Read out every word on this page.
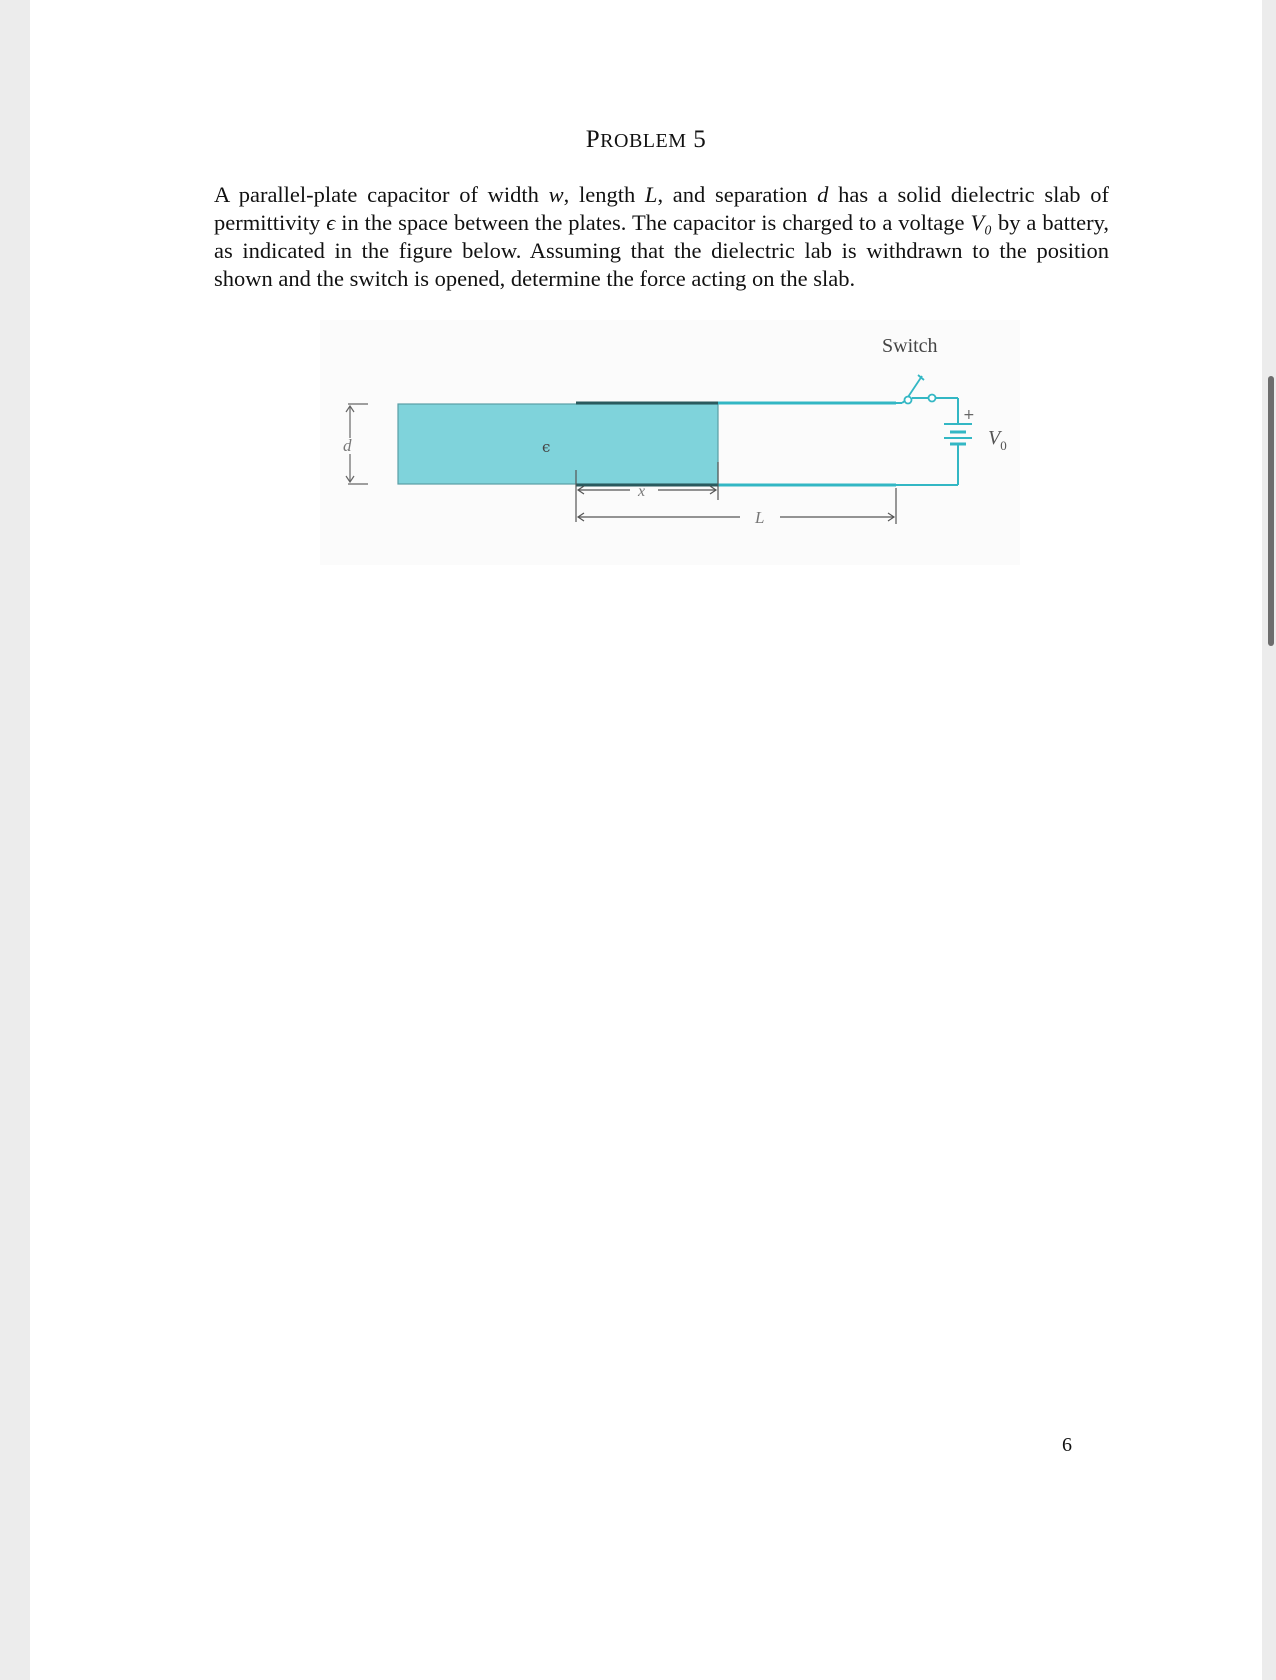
PROBLEM 5
A parallel-plate capacitor of width w, length L, and separation d has a solid dielectric slab of permittivity ϵ in the space between the plates. The capacitor is charged to a voltage V₀ by a battery, as indicated in the figure below. Assuming that the dielectric lab is withdrawn to the position shown and the switch is opened, determine the force acting on the slab.
d	ϵ
Switch
+
$V_0$
x
L
6
